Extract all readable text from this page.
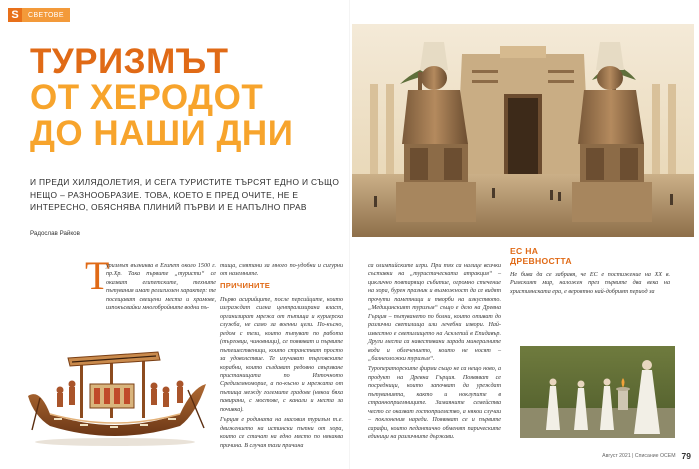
S	СВЕТОВЕ
ТУРИЗМЪТ
ОТ ХЕРОДОТ
ДО НАШИ ДНИ

И ПРЕДИ ХИЛЯДОЛЕТИЯ, И СЕГА ТУРИСТИТЕ ТЪРСЯТ ЕДНО И СЪЩО НЕЩО – РАЗНООБРАЗИЕ. ТОВА, КОЕТО Е ПРЕД ОЧИТЕ, НЕ Е ИНТЕРЕСНО, ОБЯСНЯВА ПЛИНИЙ ПЪРВИ И Е НАПЪЛНО ПРАВ

Радослав Райков

Т

уризмът възниква в Египет около 1500 г. пр.Хр. Така първите „туристи“ се оказват египетските, техните пътувания имат религиозен характер: те посещават свещени места и храмове, изпокъсвайки многобройните водни пъ-

тища, смятани за много по-удобни и сигурни от наземните.

ПРИЧИНИТЕ

Първо асирийците, после персийците, които изграждат силна централизирана власт, организират мрежа от пътища и куриерска служба, не само за военни цели. По-късно, редом с тези, които пътуват по работа (търговци, чиновници), се появяват и първите пътешественици, които странстват просто за удоволствие. Те изучават търговските корабни, които създават редовно свързване пристанищата по Източното Средиземноморие, а по-късно и мрежата от пътища между големите градове (някои бяха павирани, с мостове, с канали и места за почивка).

Гърция е родината на масовия туризъм т.е. движението на истински пътни от хора, които се стичат на едно място по някаква причина. В случая тази причина

са олимпийските игри. При тях са налице всички съставки на „туристическата атракция“ – циклично повтарящо събитие, огромно стечение на хора, бурен празник и възможност да се видят прочути паметници и творби на изкуството. „Медицинският туризъм“ също е дело на Древна Гърция – пътуването по болни, които отиват до различни светилища или лечебни извори. Най-известно е светилището на Асклепий в Епидавър. Други места са навестявани заради минералните води и облечението, които не носят – „балнеоложки туризъм“.

Туроператорските фирми също не са нещо ново, а продукт на Древна Гърция. Появяват се посредници, които започват да уреждат пътуванията, както и ноклупите в странноприемниците. Замаяните семейства често се оказват гостоприемство, а някои случаи – поклонения нареди. Появяват се и първите сарафи, които педантично обменят парическите единици на различните държави.

ЕС НА
ДРЕВНОСТТА

Не бива да се забравя, че ЕС е постижение на XX в. Римският мир, наложен през първите два века на християнската ера, е вероятно най-добрият период за

Август 2021 | Списание ОСЕМ 79
